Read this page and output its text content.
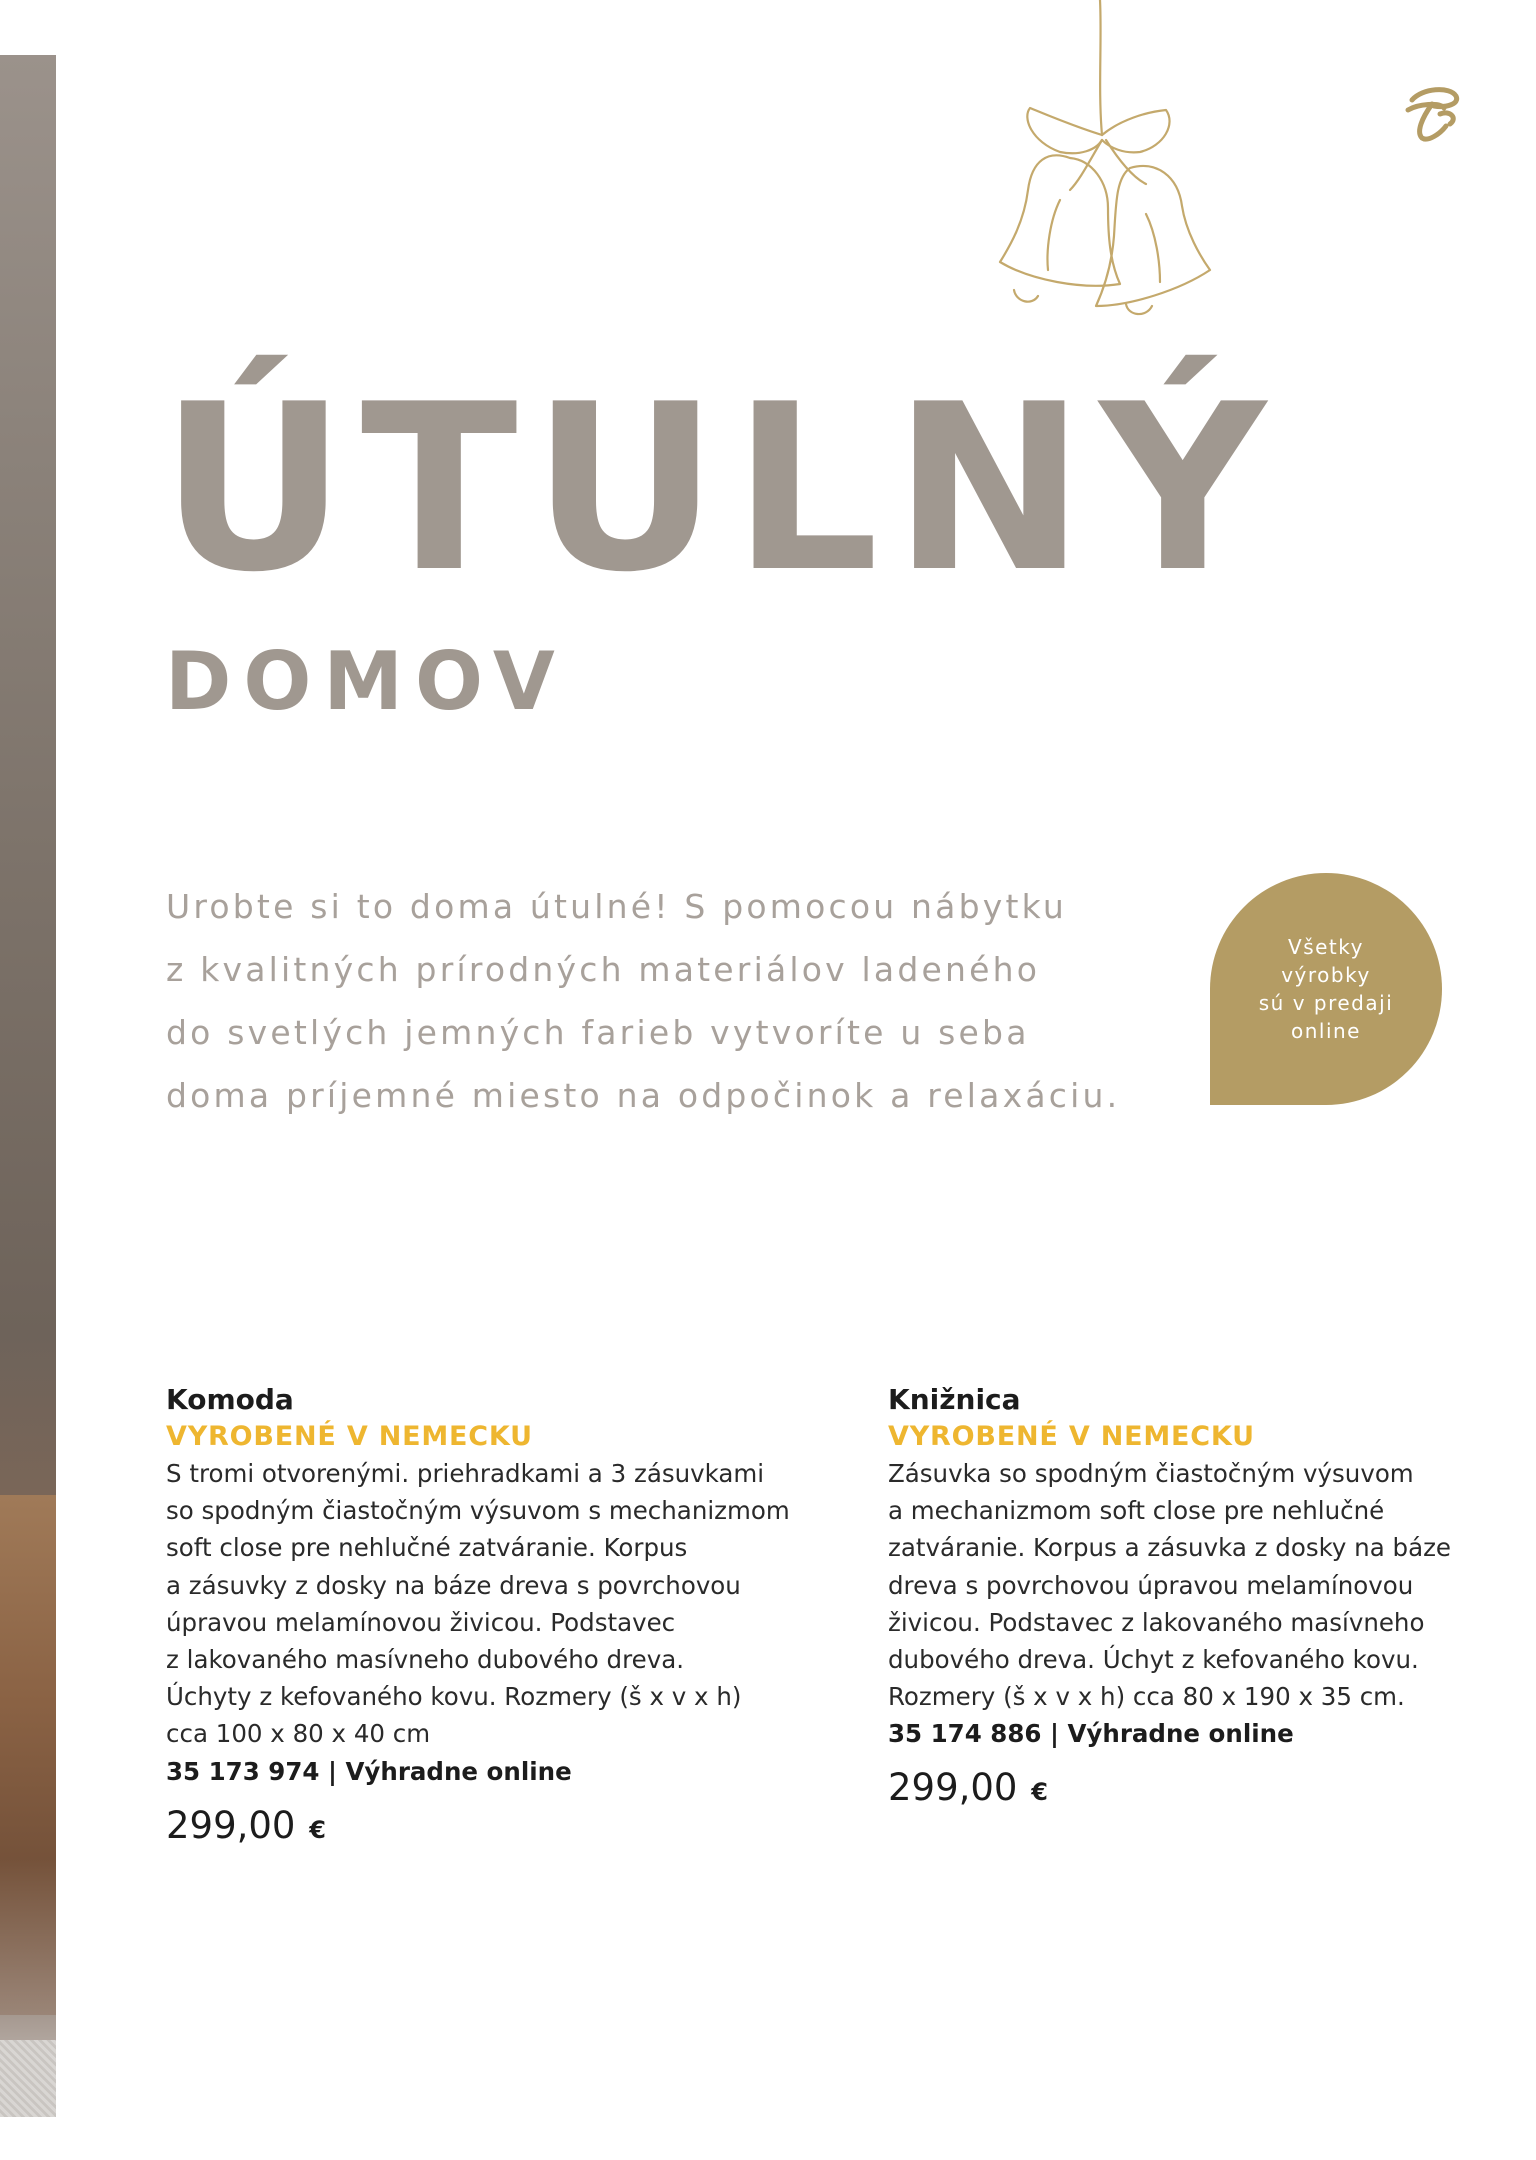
ÚTULNÝ
DOMOV
Urobte si to doma útulné! S pomocou nábytku
z kvalitných prírodných materiálov ladeného
do svetlých jemných farieb vytvoríte u seba
doma príjemné miesto na odpočinok a relaxáciu.
Všetky
výrobky
sú v predaji
online
Komoda
VYROBENÉ V NEMECKU
S tromi otvorenými. priehradkami a 3 zásuvkami
so spodným čiastočným výsuvom s mechanizmom
soft close pre nehlučné zatváranie. Korpus
a zásuvky z dosky na báze dreva s povrchovou
úpravou melamínovou živicou. Podstavec
z lakovaného masívneho dubového dreva.
Úchyty z kefovaného kovu. Rozmery (š x v x h)
cca 100 x 80 x 40 cm
35 173 974 | Výhradne online
299,00 €
Knižnica
VYROBENÉ V NEMECKU
Zásuvka so spodným čiastočným výsuvom
a mechanizmom soft close pre nehlučné
zatváranie. Korpus a zásuvka z dosky na báze
dreva s povrchovou úpravou melamínovou
živicou. Podstavec z lakovaného masívneho
dubového dreva. Úchyt z kefovaného kovu.
Rozmery (š x v x h) cca 80 x 190 x 35 cm.
35 174 886 | Výhradne online
299,00 €
